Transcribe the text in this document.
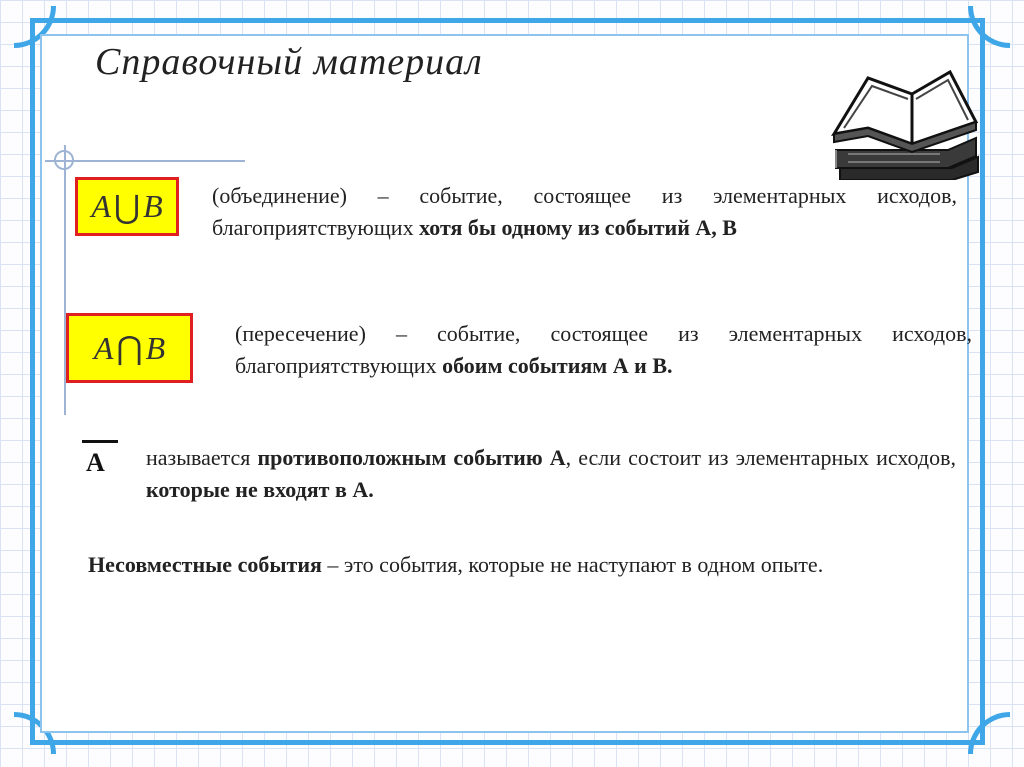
Справочный материал
A ⋃ B (объединение) – событие, состоящее из элементарных исходов, благоприятствующих хотя бы одному из событий А, В
A ⋂ B	(пересечение) – событие, состоящее из элементарных исходов, благоприятствующих обоим событиям А и В.
А называется противоположным событию А, если состоит из элементарных исходов, которые не входят в А.
Несовместные события – это события, которые не наступают в одном опыте.
